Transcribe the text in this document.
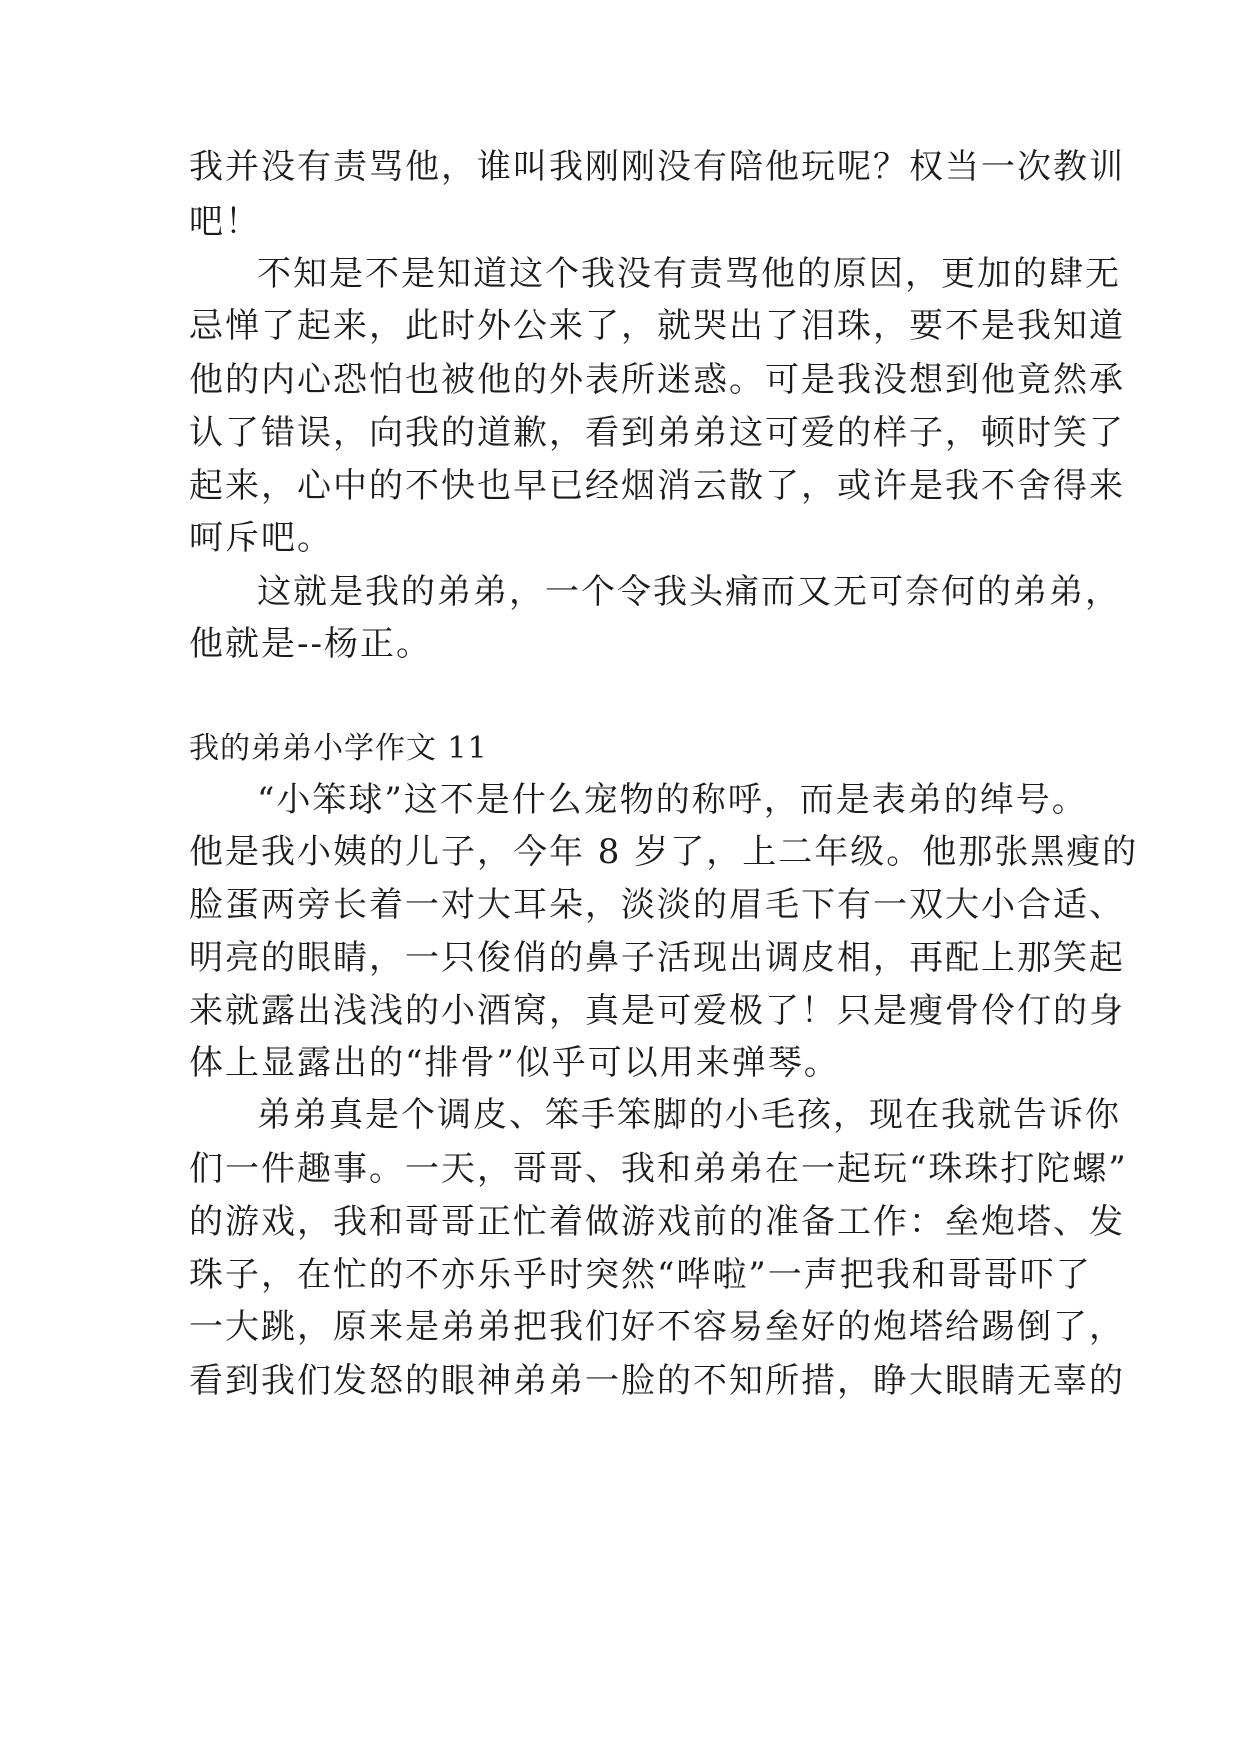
我并没有责骂他，谁叫我刚刚没有陪他玩呢？权当一次教训
吧！
不知是不是知道这个我没有责骂他的原因，更加的肆无
忌惮了起来，此时外公来了，就哭出了泪珠，要不是我知道
他的内心恐怕也被他的外表所迷惑。可是我没想到他竟然承
认了错误，向我的道歉，看到弟弟这可爱的样子，顿时笑了
起来，心中的不快也早已经烟消云散了，或许是我不舍得来
呵斥吧。
这就是我的弟弟，一个令我头痛而又无可奈何的弟弟，
他就是--杨正。
我的弟弟小学作文 11
“小笨球”这不是什么宠物的称呼，而是表弟的绰号。
他是我小姨的儿子，今年 8 岁了，上二年级。他那张黑瘦的
脸蛋两旁长着一对大耳朵，淡淡的眉毛下有一双大小合适、
明亮的眼睛，一只俊俏的鼻子活现出调皮相，再配上那笑起
来就露出浅浅的小酒窝，真是可爱极了！只是瘦骨伶仃的身
体上显露出的“排骨”似乎可以用来弹琴。
弟弟真是个调皮、笨手笨脚的小毛孩，现在我就告诉你
们一件趣事。一天，哥哥、我和弟弟在一起玩“珠珠打陀螺”
的游戏，我和哥哥正忙着做游戏前的准备工作：垒炮塔、发
珠子，在忙的不亦乐乎时突然“哗啦”一声把我和哥哥吓了
一大跳，原来是弟弟把我们好不容易垒好的炮塔给踢倒了，
看到我们发怒的眼神弟弟一脸的不知所措，睁大眼睛无辜的
